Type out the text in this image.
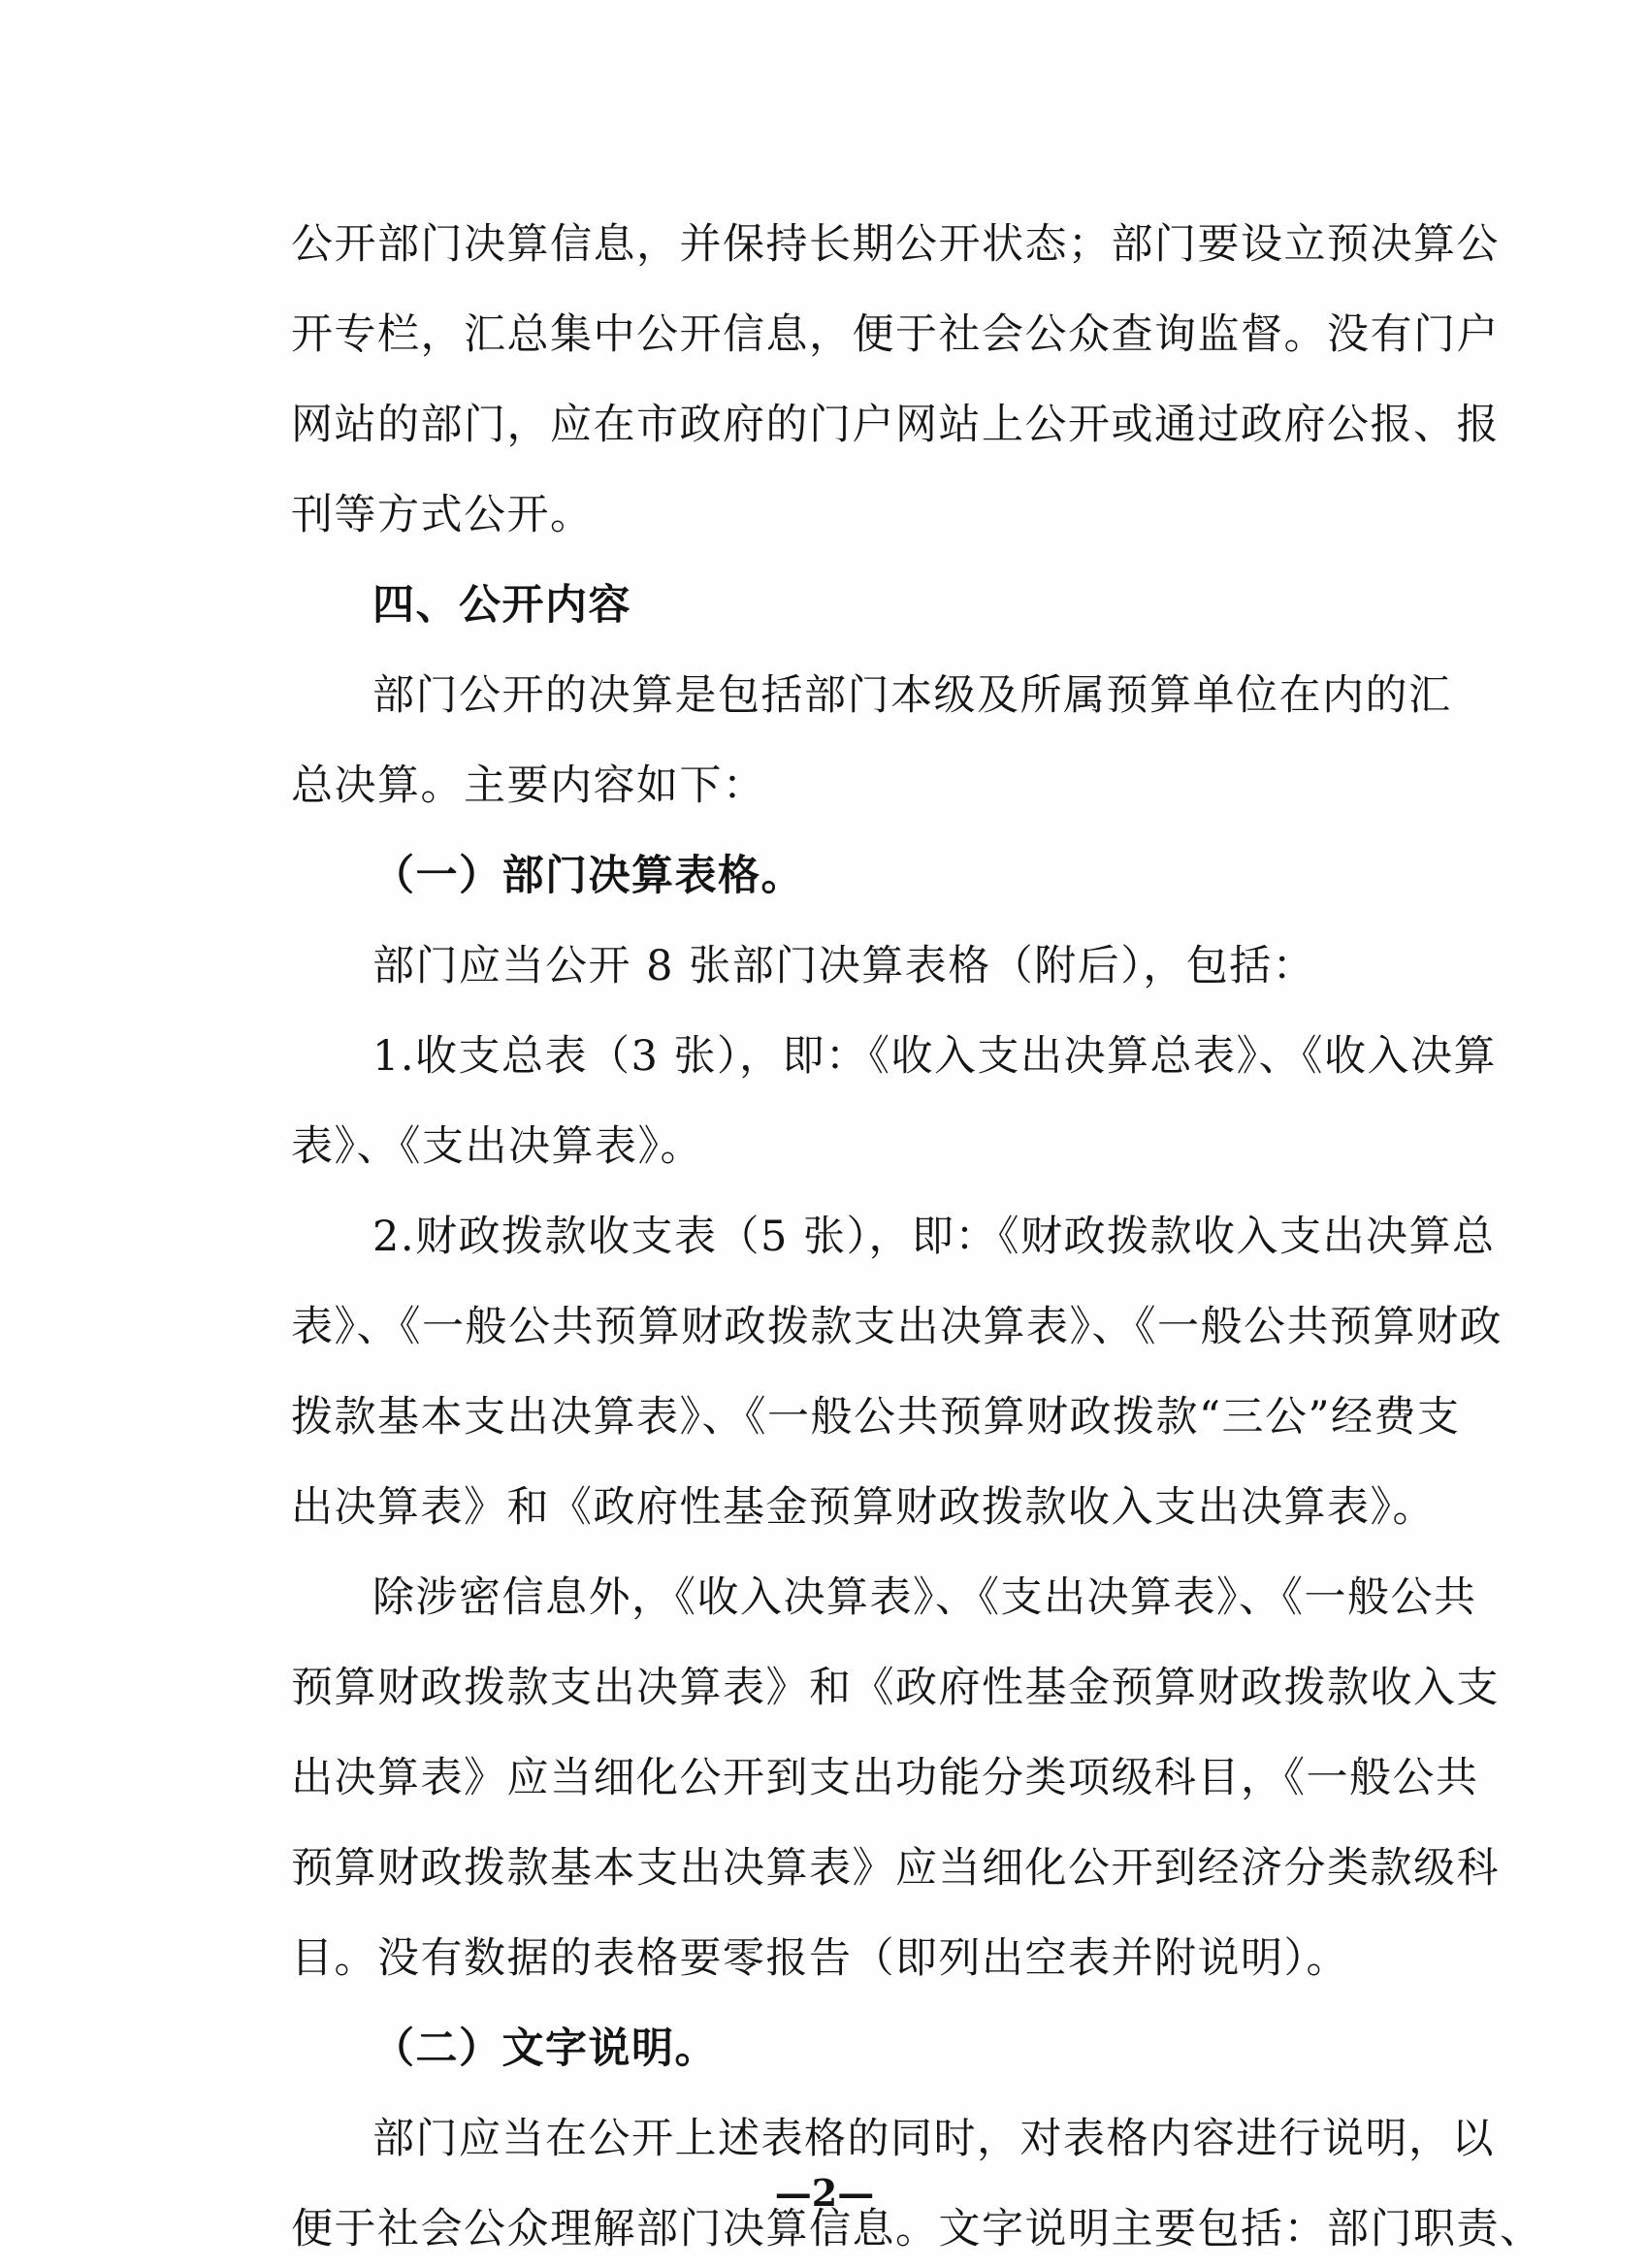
公开部门决算信息，并保持长期公开状态；部门要设立预决算公
开专栏，汇总集中公开信息，便于社会公众查询监督。没有门户
网站的部门，应在市政府的门户网站上公开或通过政府公报、报
刊等方式公开。
四、公开内容
部门公开的决算是包括部门本级及所属预算单位在内的汇
总决算。主要内容如下：
（一）部门决算表格。
部门应当公开 8 张部门决算表格（附后），包括：
1.收支总表（3 张），即：《收入支出决算总表》、《收入决算
表》、《支出决算表》。
2.财政拨款收支表（5 张），即：《财政拨款收入支出决算总
表》、《一般公共预算财政拨款支出决算表》、《一般公共预算财政
拨款基本支出决算表》、《一般公共预算财政拨款“三公”经费支
出决算表》和《政府性基金预算财政拨款收入支出决算表》。
除涉密信息外，《收入决算表》、《支出决算表》、《一般公共
预算财政拨款支出决算表》和《政府性基金预算财政拨款收入支
出决算表》应当细化公开到支出功能分类项级科目，《一般公共
预算财政拨款基本支出决算表》应当细化公开到经济分类款级科
目。没有数据的表格要零报告（即列出空表并附说明）。
（二）文字说明。
部门应当在公开上述表格的同时，对表格内容进行说明，以
便于社会公众理解部门决算信息。文字说明主要包括：部门职责、
—2—
